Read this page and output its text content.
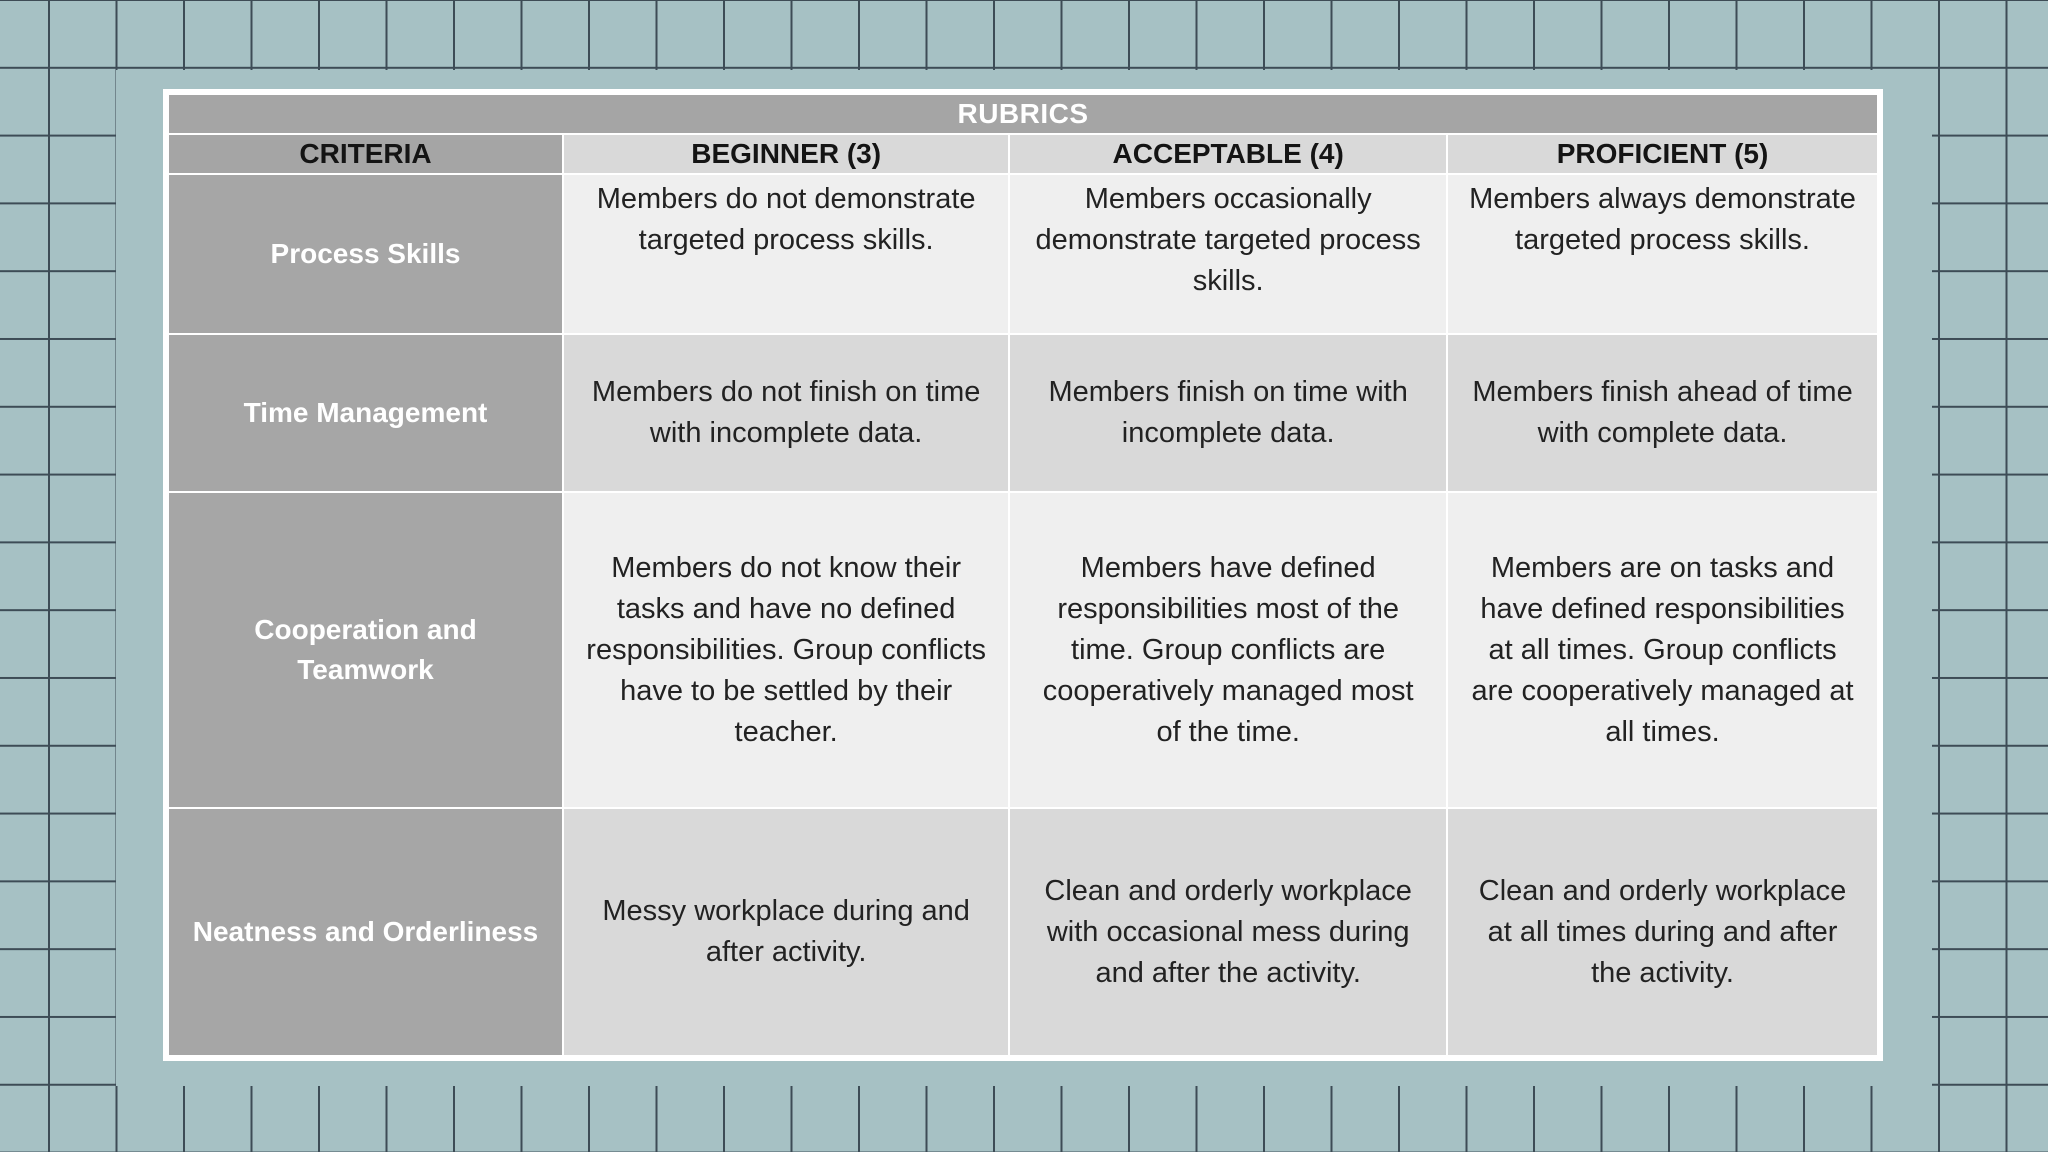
RUBRICS			
CRITERIA	BEGINNER (3)	ACCEPTABLE (4)	PROFICIENT (5)
Process Skills	Members do not demonstrate targeted process skills.	Members occasionally demonstrate targeted process skills.	Members always demonstrate targeted process skills.
Time Management	Members do not finish on time with incomplete data.	Members finish on time with incomplete data.	Members finish ahead of time with complete data.
Cooperation and Teamwork	Members do not know their tasks and have no defined responsibilities. Group conflicts have to be settled by their teacher.	Members have defined responsibilities most of the time. Group conflicts are cooperatively managed most of the time.	Members are on tasks and have defined responsibilities at all times. Group conflicts are cooperatively managed at all times.
Neatness and Orderliness	Messy workplace during and after activity.	Clean and orderly workplace with occasional mess during and after the activity.	Clean and orderly workplace at all times during and after the activity.
